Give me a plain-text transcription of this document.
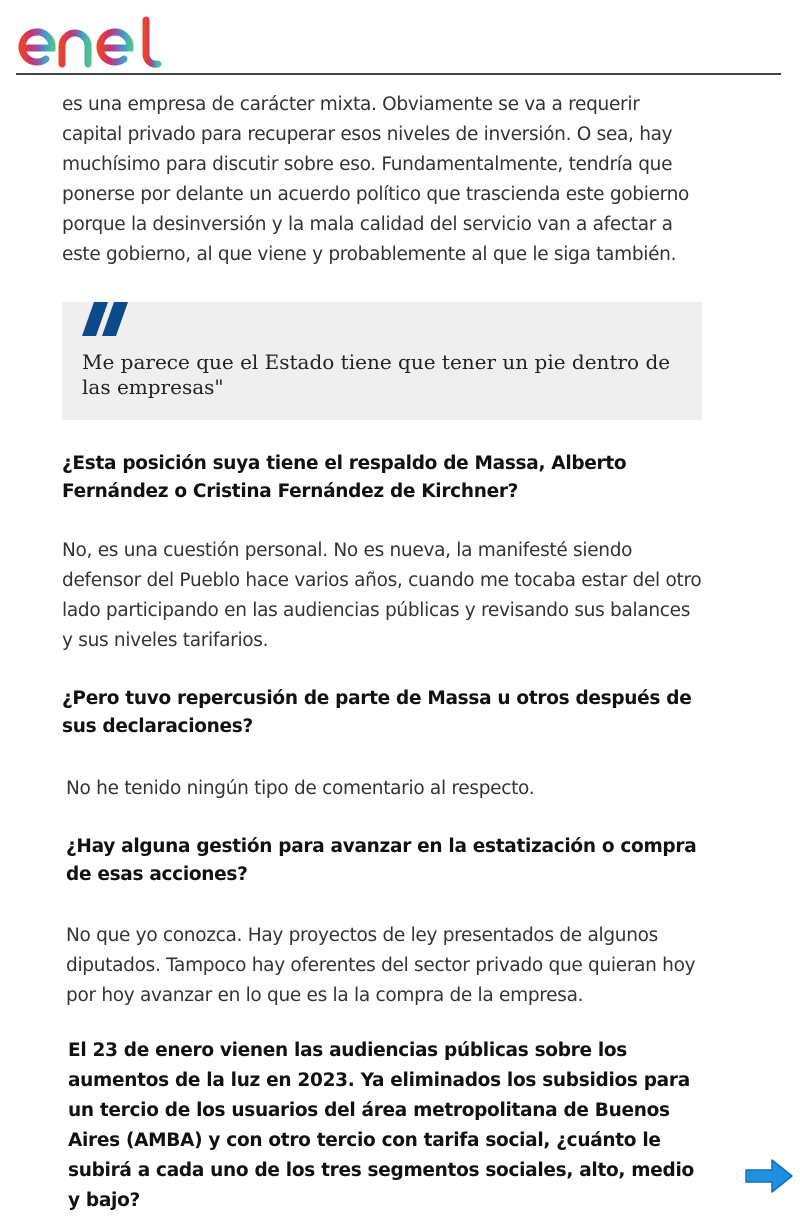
es una empresa de carácter mixta. Obviamente se va a requerir capital privado para recuperar esos niveles de inversión. O sea, hay muchísimo para discutir sobre eso. Fundamentalmente, tendría que ponerse por delante un acuerdo político que trascienda este gobierno porque la desinversión y la mala calidad del servicio van a afectar a este gobierno, al que viene y probablemente al que le siga también.

Me parece que el Estado tiene que tener un pie dentro de las empresas"
¿Esta posición suya tiene el respaldo de Massa, Alberto Fernández o Cristina Fernández de Kirchner?

No, es una cuestión personal. No es nueva, la manifesté siendo defensor del Pueblo hace varios años, cuando me tocaba estar del otro lado participando en las audiencias públicas y revisando sus balances y sus niveles tarifarios.

¿Pero tuvo repercusión de parte de Massa u otros después de sus declaraciones?

No he tenido ningún tipo de comentario al respecto.

¿Hay alguna gestión para avanzar en la estatización o compra de esas acciones?

No que yo conozca. Hay proyectos de ley presentados de algunos diputados. Tampoco hay oferentes del sector privado que quieran hoy por hoy avanzar en lo que es la la compra de la empresa.

El 23 de enero vienen las audiencias públicas sobre los aumentos de la luz en 2023. Ya eliminados los subsidios para un tercio de los usuarios del área metropolitana de Buenos Aires (AMBA) y con otro tercio con tarifa social, ¿cuánto le subirá a cada uno de los tres segmentos sociales, alto, medio y bajo?
